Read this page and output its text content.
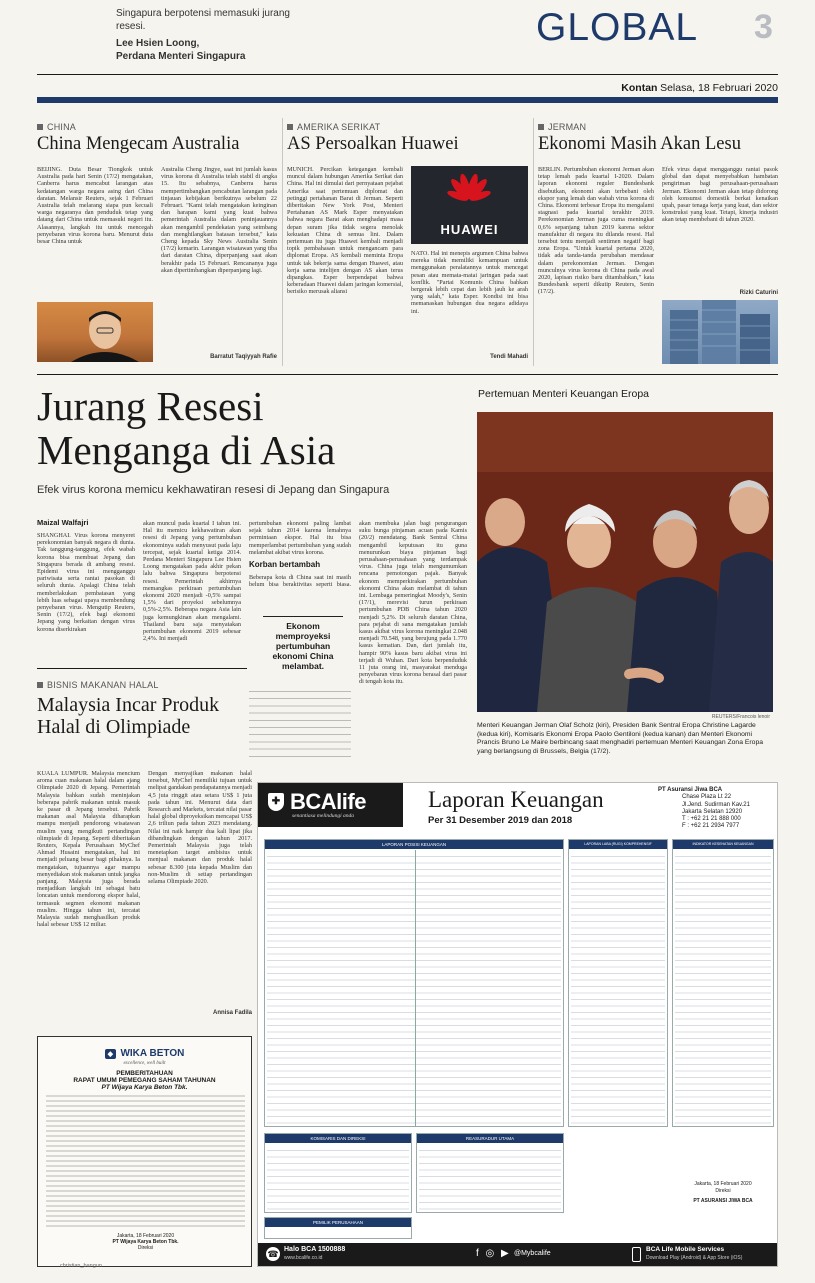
Singapura berpotensi memasuki jurang resesi.
Lee Hsien Loong,
Perdana Menteri Singapura
GLOBAL 3
Kontan Selasa, 18 Februari 2020
CHINA
China Mengecam Australia
BEIJING. Duta Besar Tiongkok untuk Australia pada hari Senin (17/2) mengatakan, Canberra harus mencabut larangan atas kedatangan warga negara asing dari China daratan. Melansir Reuters, sejak 1 Februari Australia telah melarang siapa pun kecuali warga negaranya dan penduduk tetap yang datang dari China untuk memasuki negeri itu. Alasannya, langkah itu untuk mencegah penyebaran virus korona baru. Menurut duta besar China untuk
Australia Cheng Jingye, saat ini jumlah kasus virus korona di Australia telah stabil di angka 15. Itu sebabnya, Canberra harus mempertimbangkan pencabutan larangan pada tinjauan kebijakan berikutnya sebelum 22 Februari. "Kami telah mengatakan keinginan dan harapan kami yang kuat bahwa pemerintah Australia dalam peninjauannya akan mengambil pendekatan yang seimbang dan menghilangkan batasan tersebut," kata Cheng kepada Sky News Australia Senin (17/2) kemarin. Larangan wisatawan yang tiba dari daratan China, diperpanjang saat akan berakhir pada 15 Februari. Rencananya juga akan dipertimbangkan diperpanjang lagi.
Barratut Taqiyyah Rafie
AMERIKA SERIKAT
AS Persoalkan Huawei
MUNICH. Percikan ketegangan kembali muncul dalam hubungan Amerika Serikat dan China. Hal ini dimulai dari pernyataan pejabat Amerika saat pertemuan diplomat dan petinggi pertahanan Barat di Jerman. Seperti diberitakan New York Post, Menteri Pertahanan AS Mark Esper menyatakan bahwa negara Barat akan menghadapi masa depan suram jika tidak segera menolak kekuatan China di semua lini. Dalam pertemuan itu juga Huawei kembali menjadi topik pembahasan untuk mengancam para diplomat Eropa. AS kembali meminta Eropa untuk tak bekerja sama dengan Huawei, atau kerja sama intelijen dengan AS akan terus dipangkas. Esper berpendapat bahwa keberadaan Huawei dalam jaringan komersial, berisiko merusak aliansi
HUAWEI
NATO. Hal ini menepis argumen China bahwa mereka tidak memiliki kemampuan untuk menggunakan peralatannya untuk mencegat pesan atau memata-matai jaringan pada saat konflik. "Partai Komunis China bahkan bergerak lebih cepat dan lebih jauh ke arah yang salah," kata Esper. Kondisi ini bisa memanaskan hubungan dua negara adidaya ini.
Tendi Mahadi
JERMAN
Ekonomi Masih Akan Lesu
BERLIN. Pertumbuhan ekonomi Jerman akan tetap lemah pada kuartal I-2020. Dalam laporan ekonomi reguler Bundesbank disebutkan, ekonomi akan terbebani oleh ekspor yang lemah dan wabah virus korona di China. Ekonomi terbesar Eropa itu mengalami stagnasi pada kuartal terakhir 2019. Perekonomian Jerman juga cuma meningkat 0,6% sepanjang tahun 2019 karena sektor manufaktur di negara itu dilanda resesi. Hal tersebut tentu menjadi sentimen negatif bagi zona Eropa. "Untuk kuartal pertama 2020, tidak ada tanda-tanda perubahan mendasar dalam perekonomian Jerman. Dengan munculnya virus korona di China pada awal 2020, lapisan risiko baru ditambahkan," kata Bundesbank seperti dikutip Reuters, Senin (17/2).
Efek virus dapat mengganggu rantai pasok global dan dapat menyebabkan hambatan pengiriman bagi perusahaan-perusahaan Jerman. Ekonomi Jerman akan tetap didorong oleh konsumsi domestik berkat kenaikan upah, pasar tenaga kerja yang kuat, dan sektor konstruksi yang kuat. Tetapi, kinerja industri akan tetap membebani di tahun 2020.
Rizki Caturini
Jurang Resesi
Menganga di Asia
Efek virus korona memicu kekhawatiran resesi di Jepang dan Singapura
Maizal Walfajri
SHANGHAI. Virus korona menyeret perekonomian banyak negara di dunia. Tak tanggung-tanggung, efek wabah korona bisa membuat Jepang dan Singapura berada di ambang resesi. Epidemi virus ini mengganggu pariwisata serta rantai pasokan di seluruh dunia. Apalagi China telah memberlakukan pembatasan yang lebih luas sebagai upaya membendung penyebaran virus. Mengutip Reuters, Senin (17/2), efek bagi ekonomi Jepang yang berkaitan dengan virus korona diserkirakan
akan muncul pada kuartal I tahun ini. Hal itu memicu kekhawatiran akan resesi di Jepang yang pertumbuhan ekonominya sudah menyusut pada laju tercepat, sejak kuartal ketiga 2014. Perdana Menteri Singapura Lee Hsien Loong mengatakan pada akhir pekan lalu bahwa Singapura berpotensi resesi. Pemerintah akhirnya memangkas perkiraan pertumbuhan ekonomi 2020 menjadi -0,5% sampai 1,5% dari proyeksi sebelumnya 0,5%-2,5%. Beberapa negara Asia lain juga kemungkinan akan mengalami. Thailand baru saja menyatakan pertumbuhan ekonomi 2019 sebesar 2,4%. Ini menjadi
pertumbuhan ekonomi paling lambat sejak tahun 2014 karena lemahnya permintaan ekspor. Hal itu bisa memperlambat pertumbuhan yang sudah melambat akibat virus korona.
Korban bertambah
Beberapa kota di China saat ini masih belum bisa beraktivitas seperti biasa.
Ekonom memproyeksi pertumbuhan ekonomi China melambat.
akan membuka jalan bagi pengurangan suku bunga pinjaman acuan pada Kamis (20/2) mendatang. Bank Sentral China mengambil keputusan itu guna menurunkan biaya pinjaman bagi perusahaan-perusahaan yang terdampak virus. China juga telah mengumumkan rencana pemotongan pajak. Banyak ekonom memperkirakan pertumbuhan ekonomi China akan melambat di tahun ini. Lembaga pemeringkat Moody's, Senin (17/1), merevisi turun perkiraan pertumbuhan PDB China tahun 2020 menjadi 5,2%. Di seluruh daratan China, para pejabat di sana mengatakan jumlah kasus akibat virus korona meningkat 2.048 menjadi 70.548, yang berujung pada 1.770 kasus kematian. Dan, dari jumlah itu, hampir 90% kasus baru akibat virus ini terjadi di Wuhan. Dari kota berpenduduk 11 juta orang ini, masyarakat menduga penyebaran virus korona berasal dari pasar di tengah kota itu.
Pertemuan Menteri Keuangan Eropa
REUTERS/Francois lenoir
Menteri Keuangan Jerman Olaf Scholz (kiri), Presiden Bank Sentral Eropa Christine Lagarde (kedua kiri), Komisaris Ekonomi Eropa Paolo Gentiloni (kedua kanan) dan Menteri Ekonomi Prancis Bruno Le Maire berbincang saat menghadiri pertemuan Menteri Keuangan Zona Eropa yang berlangsung di Brussels, Belgia (17/2).
BISNIS MAKANAN HALAL
Malaysia Incar Produk
Halal di Olimpiade
KUALA LUMPUR. Malaysia mencium aroma cuan makanan halal dalam ajang Olimpiade 2020 di Jepang. Pemerintah Malaysia bahkan sudah meninjakan beberapa pabrik makanan untuk masuk ke pasar di Jepang tersebut. Pabrik makanan asal Malaysia diharapkan mampu menjadi pendorong wisatawan muslim yang mengikuti pertandingan olimpiade di Jepang. Seperti diberitakan Reuters, Kepala Perusahaan MyChef Ahmad Husaini mengatakan, hal ini menjadi peluang besar bagi pihaknya. Ia mengatakan, tujuannya agar mampu menyediakan stok makanan untuk jangka panjang. Malaysia juga berada menjadikan langkah ini sebagai batu loncatan untuk mendorong ekspor halal, termasuk segmen ekonomi makanan muslim. Hingga tahun ini, tercatat Malaysia sudah menghasilkan produk halal sebesar US$ 12 miliar.
Dengan menyajikan makanan halal tersebut, MyChef memiliki tujuan untuk melipat gandakan pendapatannya menjadi 4,5 juta ringgit atau setara US$ 1 juta pada tahun ini. Menurut data dari Research and Markets, tercatat nilai pasar halal global diproyeksikan mencapai US$ 2,6 triliun pada tahun 2023 mendatang. Nilai ini naik hampir dua kali lipat jika dibandingkan dengan tahun 2017. Pemerintah Malaysia juga telah menetapkan target ambisius untuk menjual makanan dan produk halal sebesar 8.300 juta kepada Muslim dan non-Muslim di setiap pertandingan selama Olimpiade 2020.
Annisa Fadila
◆ WIKA BETON
excellence, well built
PEMBERITAHUAN
RAPAT UMUM PEMEGANG SAHAM TAHUNAN
PT Wijaya Karya Beton Tbk.
Jakarta, 18 Februari 2020
PT Wijaya Karya Beton Tbk.
Direksi
christian_bangun
✚ BCAlife
senantiasa melindungi anda
Laporan Keuangan
Per 31 Desember 2019 dan 2018
PT Asuransi Jiwa BCA
Chase Plaza Lt 22
Jl.Jend. Sudirman Kav.21
Jakarta Selatan 12920
T : +62 21 21 888 000
F : +62 21 2934 7977
LAPORAN POSISI KEUANGAN	LAPORAN LABA (RUGI) KOMPREHENSIF	INDIKATOR KESEHATAN KEUANGAN
KOMISARIS DAN DIREKSI	REASURADUR UTAMA
PEMILIK PERUSAHAAN
Jakarta, 18 Februari 2020
Direksi
PT ASURANSI JIWA BCA
☎ Halo BCA 1500888
www.bcalife.co.id	f ◎ ▶ @Mybcalife
BCA Life Mobile Services
Download Play (Android) & App Store (iOS)
